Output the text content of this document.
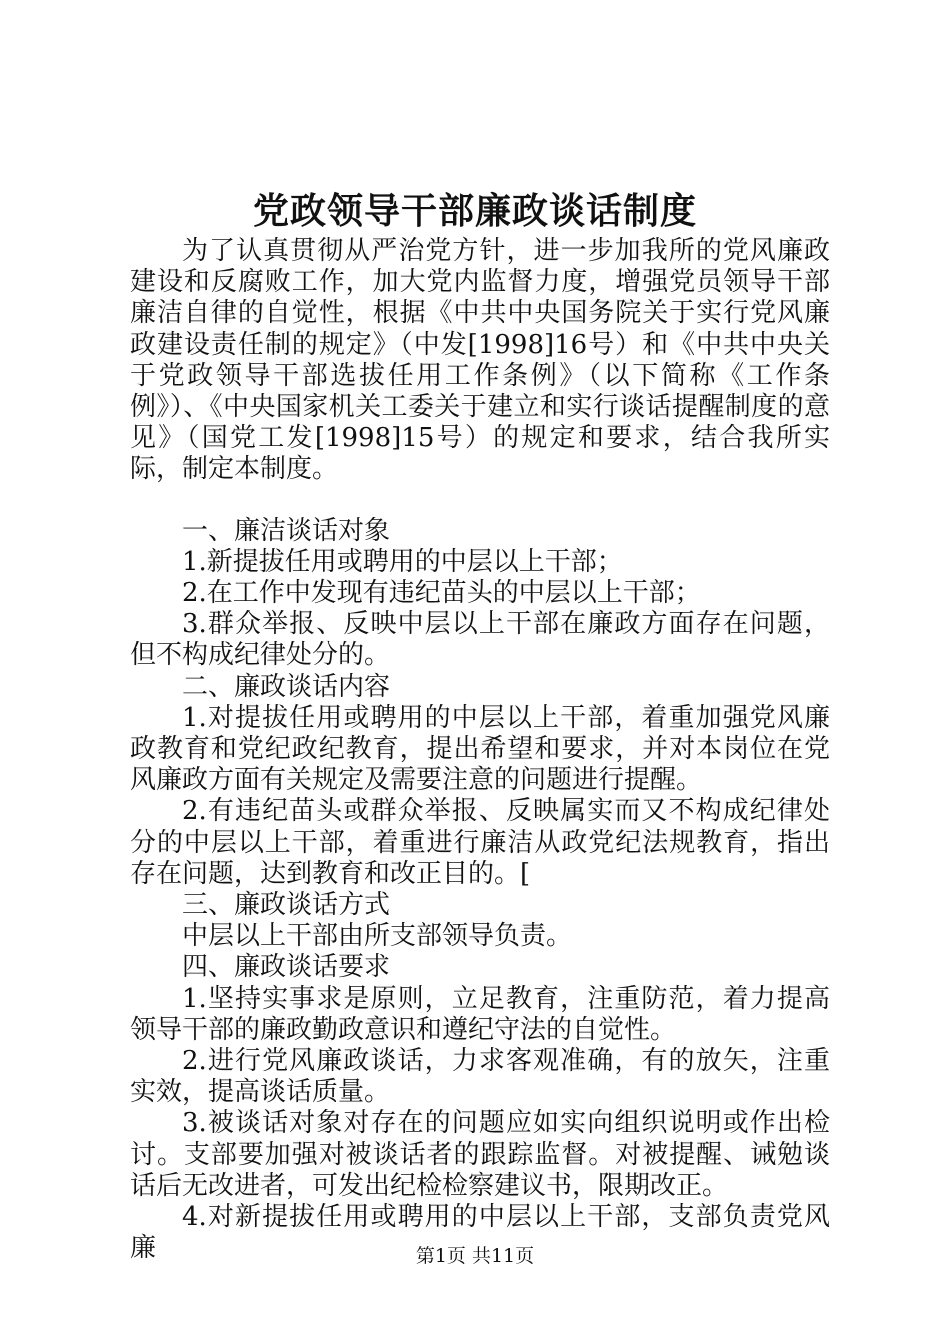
党政领导干部廉政谈话制度

为了认真贯彻从严治党方针，进一步加我所的党风廉政建设和反腐败工作，加大党内监督力度，增强党员领导干部廉洁自律的自觉性，根据《中共中央国务院关于实行党风廉政建设责任制的规定》（中发[1998]16号）和《中共中央关于党政领导干部选拔任用工作条例》（以下简称《工作条例》）、《中央国家机关工委关于建立和实行谈话提醒制度的意见》（国党工发[1998]15号）的规定和要求，结合我所实际，制定本制度。

一、廉洁谈话对象

1.新提拔任用或聘用的中层以上干部；

2.在工作中发现有违纪苗头的中层以上干部；

3.群众举报、反映中层以上干部在廉政方面存在问题，但不构成纪律处分的。

二、廉政谈话内容

1.对提拔任用或聘用的中层以上干部，着重加强党风廉政教育和党纪政纪教育，提出希望和要求，并对本岗位在党风廉政方面有关规定及需要注意的问题进行提醒。

2.有违纪苗头或群众举报、反映属实而又不构成纪律处分的中层以上干部，着重进行廉洁从政党纪法规教育，指出存在问题，达到教育和改正目的。[

三、廉政谈话方式

中层以上干部由所支部领导负责。

四、廉政谈话要求

1.坚持实事求是原则，立足教育，注重防范，着力提高领导干部的廉政勤政意识和遵纪守法的自觉性。

2.进行党风廉政谈话，力求客观准确，有的放矢，注重实效，提高谈话质量。

3.被谈话对象对存在的问题应如实向组织说明或作出检讨。支部要加强对被谈话者的跟踪监督。对被提醒、诫勉谈话后无改进者，可发出纪检检察建议书，限期改正。

4.对新提拔任用或聘用的中层以上干部，支部负责党风廉	第1页 共11页
